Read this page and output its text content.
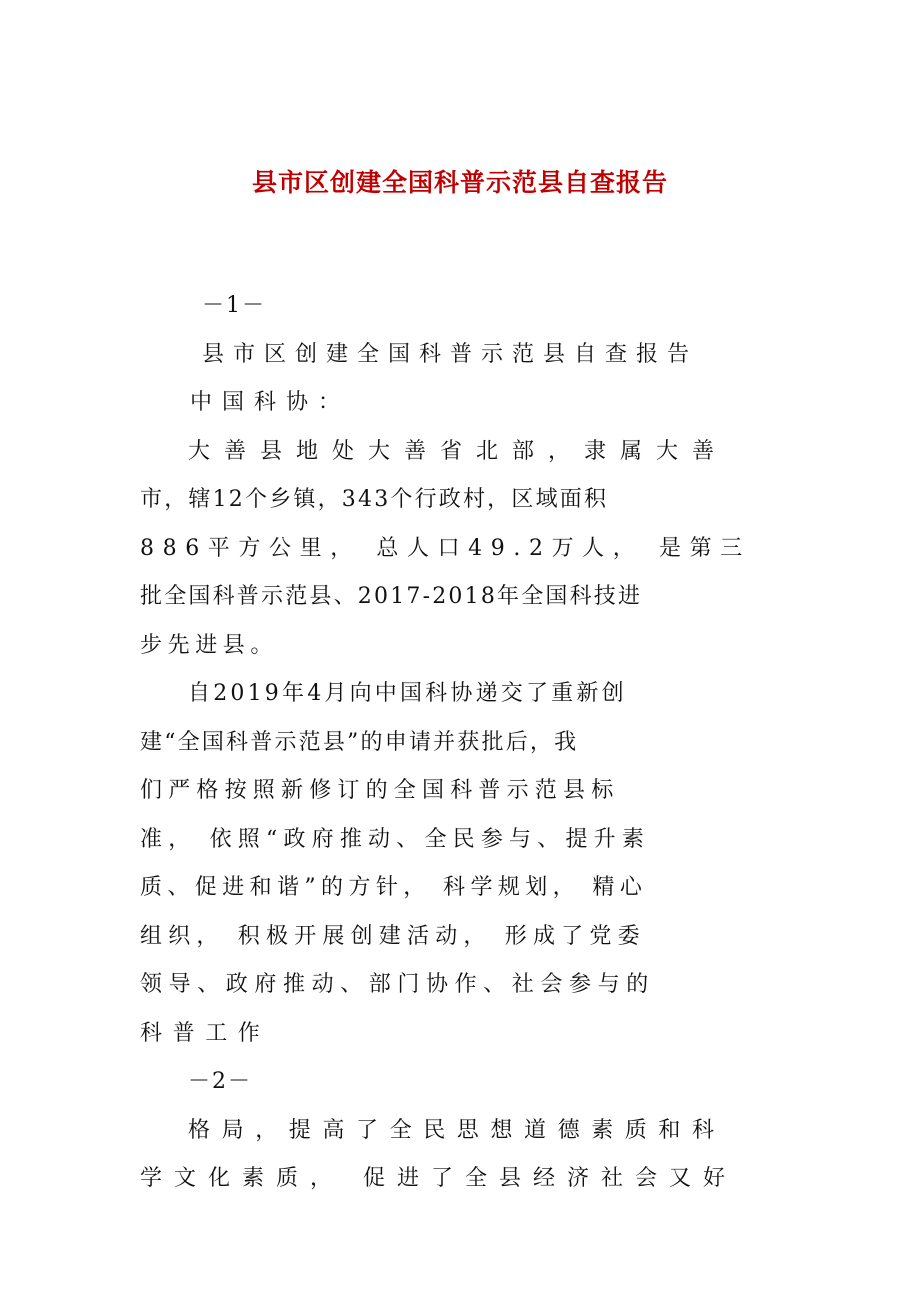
县市区创建全国科普示范县自查报告
－1－
县市区创建全国科普示范县自查报告
中国科协：
大善县地处大善省北部，隶属大善
市，辖12个乡镇，343个行政村，区域面积
886平方公里， 总人口49.2万人， 是第三
批全国科普示范县、2017-2018年全国科技进
步先进县。
自2019年4月向中国科协递交了重新创
建“全国科普示范县”的申请并获批后，我
们严格按照新修订的全国科普示范县标
准， 依照“政府推动、全民参与、提升素
质、促进和谐”的方针， 科学规划， 精心
组织， 积极开展创建活动， 形成了党委
领导、政府推动、部门协作、社会参与的
科普工作
－2－
格局，提高了全民思想道德素质和科
学文化素质， 促进了全县经济社会又好
